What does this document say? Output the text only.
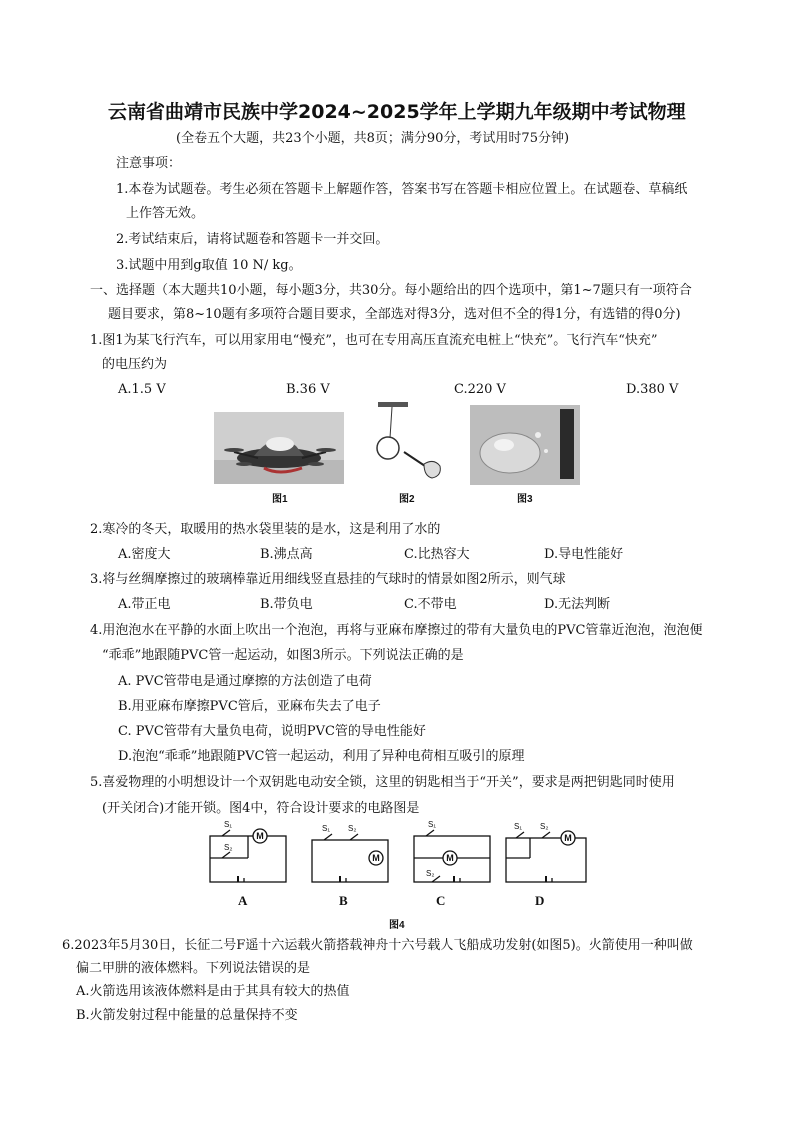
云南省曲靖市民族中学2024~2025学年上学期九年级期中考试物理
(全卷五个大题，共23个小题，共8页；满分90分，考试用时75分钟)
注意事项：
1.本卷为试题卷。考生必须在答题卡上解题作答，答案书写在答题卡相应位置上。在试题卷、草稿纸
上作答无效。
2.考试结束后，请将试题卷和答题卡一并交回。
3.试题中用到g取值 10 N/ kg。
一、选择题（本大题共10小题，每小题3分，共30分。每小题给出的四个选项中，第1~7题只有一项符合
题目要求，第8~10题有多项符合题目要求，全部选对得3分，选对但不全的得1分，有选错的得0分)
1.图1为某飞行汽车，可以用家用电“慢充”，也可在专用高压直流充电桩上“快充”。飞行汽车“快充”
的电压约为
A.1.5 V	B.36 V	C.220 V	D.380 V
图1	图2	图3
2.寒冷的冬天，取暖用的热水袋里装的是水，这是利用了水的
A.密度大	B.沸点高	C.比热容大	D.导电性能好
3.将与丝绸摩擦过的玻璃棒靠近用细线竖直悬挂的气球时的情景如图2所示，则气球
A.带正电	B.带负电	C.不带电	D.无法判断
4.用泡泡水在平静的水面上吹出一个泡泡，再将与亚麻布摩擦过的带有大量负电的PVC管靠近泡泡，泡泡便
“乖乖”地跟随PVC管一起运动，如图3所示。下列说法正确的是
A. PVC管带电是通过摩擦的方法创造了电荷
B.用亚麻布摩擦PVC管后，亚麻布失去了电子
C. PVC管带有大量负电荷，说明PVC管的导电性能好
D.泡泡“乖乖”地跟随PVC管一起运动，利用了异种电荷相互吸引的原理
5.喜爱物理的小明想设计一个双钥匙电动安全锁，这里的钥匙相当于“开关”，要求是两把钥匙同时使用
(开关闭合)才能开锁。图4中，符合设计要求的电路图是
M
M	M
M
S₁
S₂
S₁ S₂	S₁
S₂
S₁ S₂
A	B	C	D
图4
6.2023年5月30日，长征二号F遥十六运载火箭搭载神舟十六号载人飞船成功发射(如图5)。火箭使用一种叫做
偏二甲肼的液体燃料。下列说法错误的是
A.火箭选用该液体燃料是由于其具有较大的热值
B.火箭发射过程中能量的总量保持不变
